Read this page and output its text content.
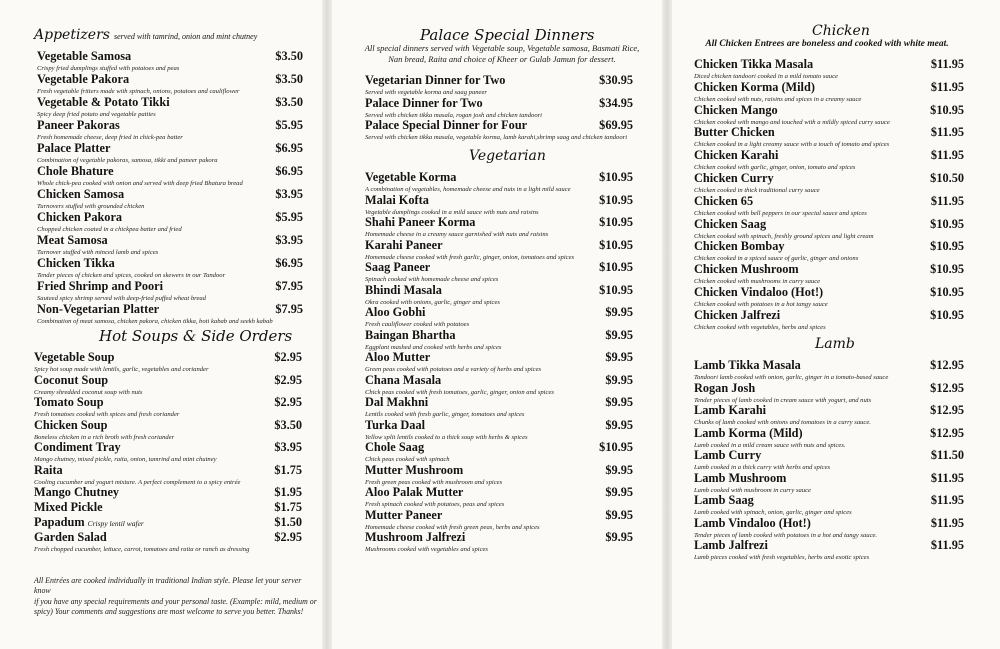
Appetizers served with tamrind, onion and mint chutney
Vegetable Samosa	$3.50
Crispy fried dumplings stuffed with potatoes and peas
Vegetable Pakora	$3.50
Fresh vegetable fritters made with spinach, onions, potatoes and cauliflower
Vegetable & Potato Tikki	$3.50
Spicy deep fried potato and vegetable patties
Paneer Pakoras	$5.95
Fresh homemade cheese, deep fried in chick-pea batter
Palace Platter	$6.95
Combination of vegetable pakoras, samosa, tikki and paneer pakora
Chole Bhature	$6.95
Whole chick-pea cooked with onion and served with deep fried Bhatura bread
Chicken Samosa	$3.95
Turnovers stuffed with grounded chicken
Chicken Pakora	$5.95
Chopped chicken coated in a chickpea batter and fried
Meat Samosa	$3.95
Turnover stuffed with minced lamb and spices
Chicken Tikka	$6.95
Tender pieces of chicken and spices, cooked on skewers in our Tandoor
Fried Shrimp and Poori	$7.95
Sauteed spicy shrimp served with deep-fried puffed wheat bread
Non-Vegetarian Platter	$7.95
Combination of meat samosa, chicken pakora, chicken tikka, boti kabab and seekh kabab
Hot Soups & Side Orders
Vegetable Soup	$2.95
Spicy hot soup made with lentils, garlic, vegetables and coriander
Coconut Soup	$2.95
Creamy shredded coconut soup with nuts
Tomato Soup	$2.95
Fresh tomatoes cooked with spices and fresh coriander
Chicken Soup	$3.50
Boneless chicken in a rich broth with fresh coriander
Condiment Tray	$3.95
Mango chutney, mixed pickle, raita, onion, tamrind and mint chutney
Raita	$1.75
Cooling cucumber and yogurt mixture. A perfect complement to a spicy entrée
Mango Chutney	$1.95
Mixed Pickle	$1.75
Papadum Crispy lentil wafer	$1.50
Garden Salad	$2.95
Fresh chopped cucumber, lettuce, carrot, tomatoes and raita or ranch as dressing
All Entrées are cooked individually in traditional Indian style. Please let your server know
if you have any special requirements and your personal taste. (Example: mild, medium or
spicy) Your comments and suggestions are most welcome to serve you better. Thanks!
Palace Special Dinners
All special dinners served with Vegetable soup, Vegetable samosa, Basmati Rice,
Nan bread, Raita and choice of Kheer or Gulab Jamun for dessert.
Vegetarian Dinner for Two	$30.95
Served with vegetable korma and saag paneer
Palace Dinner for Two	$34.95
Served with chicken tikka masala, rogan josh and chicken tandoori
Palace Special Dinner for Four	$69.95
Served with chicken tikka masala, vegetable korma, lamb karahi,shrimp saag and chicken tandoori
Vegetarian
Vegetable Korma	$10.95
A combination of vegetables, homemade cheese and nuts in a light mild sauce
Malai Kofta	$10.95
Vegetable dumplings cooked in a mild sauce with nuts and raisins
Shahi Paneer Korma	$10.95
Homemade cheese in a creamy sauce garnished with nuts and raisins
Karahi Paneer	$10.95
Homemade cheese cooked with fresh garlic, ginger, onion, tomatoes and spices
Saag Paneer	$10.95
Spinach cooked with homemade cheese and spices
Bhindi Masala	$10.95
Okra cooked with onions, garlic, ginger and spices
Aloo Gobhi	$9.95
Fresh cauliflower cooked with potatoes
Baingan Bhartha	$9.95
Eggplant mashed and cooked with herbs and spices
Aloo Mutter	$9.95
Green peas cooked with potatoes and a variety of herbs and spices
Chana Masala	$9.95
Chick peas cooked with fresh tomatoes, garlic, ginger, onion and spices
Dal Makhni	$9.95
Lentils cooked with fresh garlic, ginger, tomatoes and spices
Turka Daal	$9.95
Yellow split lentils cooked to a thick soup with herbs & spices
Chole Saag	$10.95
Chick peas cooked with spinach
Mutter Mushroom	$9.95
Fresh green peas cooked with mushroom and spices
Aloo Palak Mutter	$9.95
Fresh spinach cooked with potatoes, peas and spices
Mutter Paneer	$9.95
Homemade cheese cooked with fresh green peas, herbs and spices
Mushroom Jalfrezi	$9.95
Mushrooms cooked with vegetables and spices
Chicken
All Chicken Entrees are boneless and cooked with white meat.
Chicken Tikka Masala	$11.95
Diced chicken tandoori cooked in a mild tomato sauce
Chicken Korma (Mild)	$11.95
Chicken cooked with nuts, raisins and spices in a creamy sauce
Chicken Mango	$10.95
Chicken cooked with mango and touched with a mildly spiced curry sauce
Butter Chicken	$11.95
Chicken cooked in a light creamy sauce with a touch of tomato and spices
Chicken Karahi	$11.95
Chicken cooked with garlic, ginger, onion, tomato and spices
Chicken Curry	$10.50
Chicken cooked in thick traditional curry sauce
Chicken 65	$11.95
Chicken cooked with bell peppers in our special sauce and spices
Chicken Saag	$10.95
Chicken cooked with spinach, freshly ground spices and light cream
Chicken Bombay	$10.95
Chicken cooked in a spiced sauce of garlic, ginger and onions
Chicken Mushroom	$10.95
Chicken cooked with mushrooms in curry sauce
Chicken Vindaloo (Hot!)	$10.95
Chicken cooked with potatoes in a hot tangy sauce
Chicken Jalfrezi	$10.95
Chicken cooked with vegetables, herbs and spices
Lamb
Lamb Tikka Masala	$12.95
Tandoori lamb cooked with onion, garlic, ginger in a tomato-based sauce
Rogan Josh	$12.95
Tender pieces of lamb cooked in cream sauce with yogurt, and nuts
Lamb Karahi	$12.95
Chunks of lamb cooked with onions and tomatoes in a curry sauce.
Lamb Korma (Mild)	$12.95
Lamb cooked in a mild cream sauce with nuts and spices.
Lamb Curry	$11.50
Lamb cooked in a thick curry with herbs and spices
Lamb Mushroom	$11.95
Lamb cooked with mushroom in curry sauce
Lamb Saag	$11.95
Lamb cooked with spinach, onion, garlic, ginger and spices
Lamb Vindaloo (Hot!)	$11.95
Tender pieces of lamb cooked with potatoes in a hot and tangy sauce.
Lamb Jalfrezi	$11.95
Lamb pieces cooked with fresh vegetables, herbs and exotic spices
